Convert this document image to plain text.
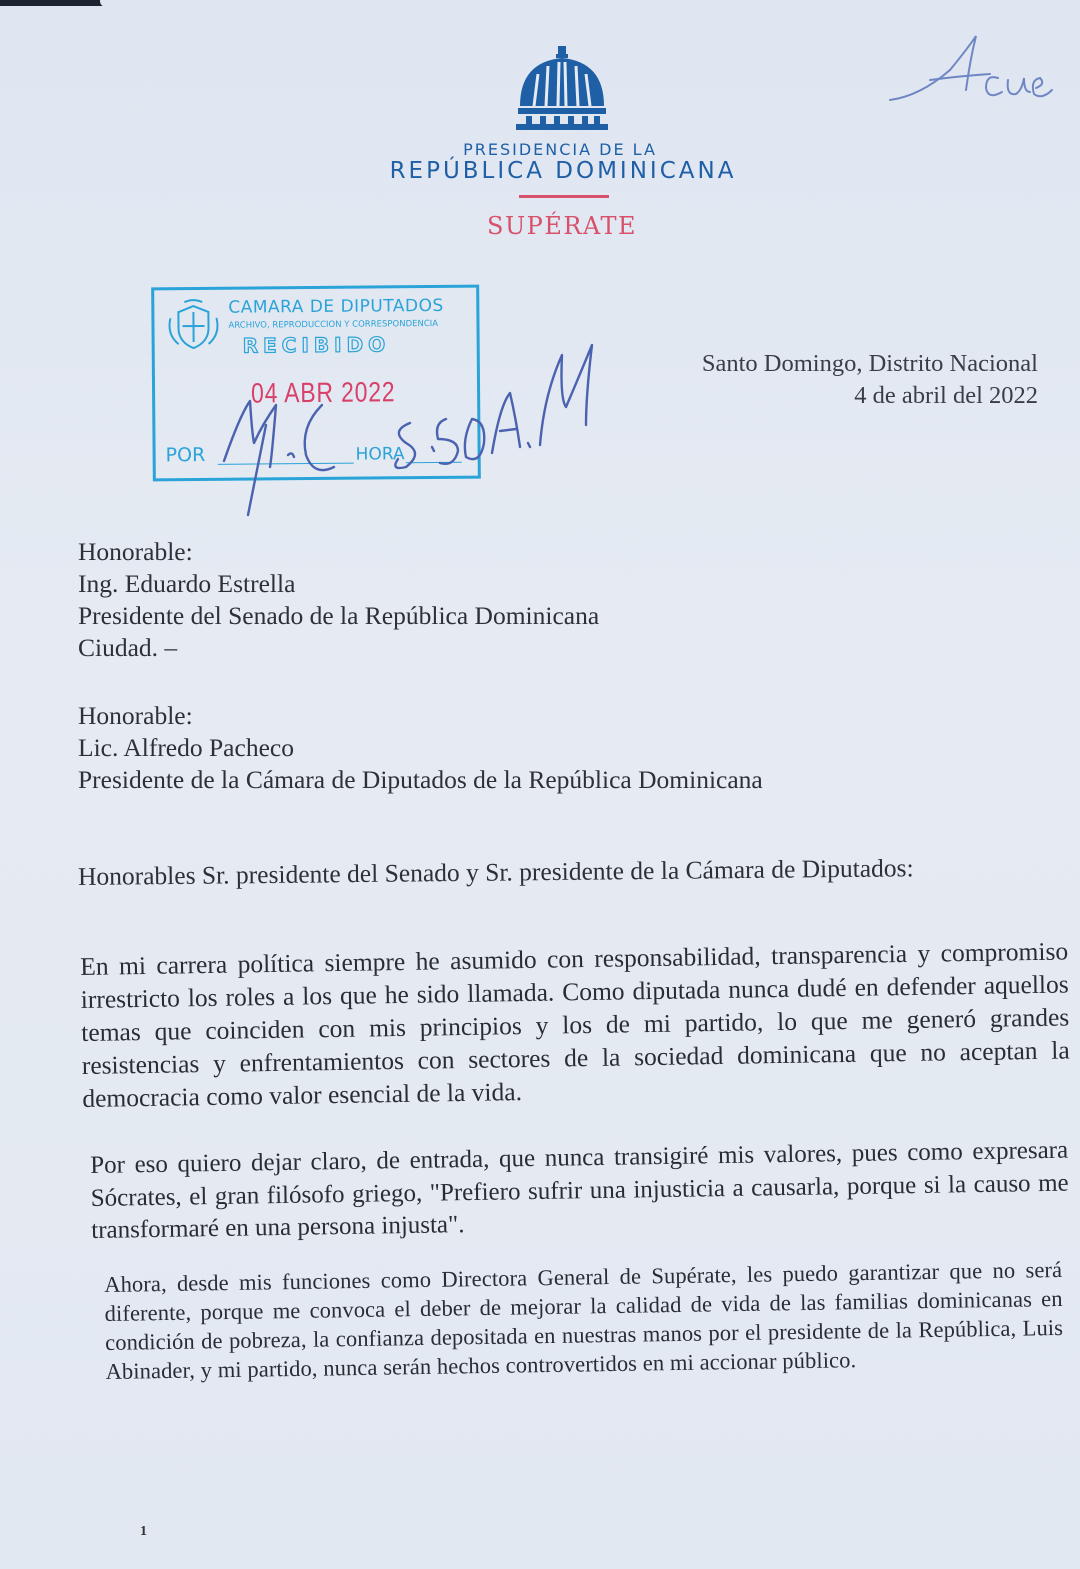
PRESIDENCIA DE LA
REPÚBLICA DOMINICANA
SUPÉRATE
CAMARA DE DIPUTADOS
ARCHIVO, REPRODUCCION Y CORRESPONDENCIA
RECIBIDO
04 ABR 2022
POR	HORA
Santo Domingo, Distrito Nacional
4 de abril del 2022
Honorable:
Ing. Eduardo Estrella
Presidente del Senado de la República Dominicana
Ciudad. –
Honorable:
Lic. Alfredo Pacheco
Presidente de la Cámara de Diputados de la República Dominicana
Honorables Sr. presidente del Senado y Sr. presidente de la Cámara de Diputados:
En mi carrera política siempre he asumido con responsabilidad, transparencia y compromiso irrestricto los roles a los que he sido llamada. Como diputada nunca dudé en defender aquellos temas que coinciden con mis principios y los de mi partido, lo que me generó grandes resistencias y enfrentamientos con sectores de la sociedad dominicana que no aceptan la democracia como valor esencial de la vida.
Por eso quiero dejar claro, de entrada, que nunca transigiré mis valores, pues como expresara Sócrates, el gran filósofo griego, "Prefiero sufrir una injusticia a causarla, porque si la causo me transformaré en una persona injusta".
Ahora, desde mis funciones como Directora General de Supérate, les puedo garantizar que no será diferente, porque me convoca el deber de mejorar la calidad de vida de las familias dominicanas en condición de pobreza, la confianza depositada en nuestras manos por el presidente de la República, Luis Abinader, y mi partido, nunca serán hechos controvertidos en mi accionar público.
1
